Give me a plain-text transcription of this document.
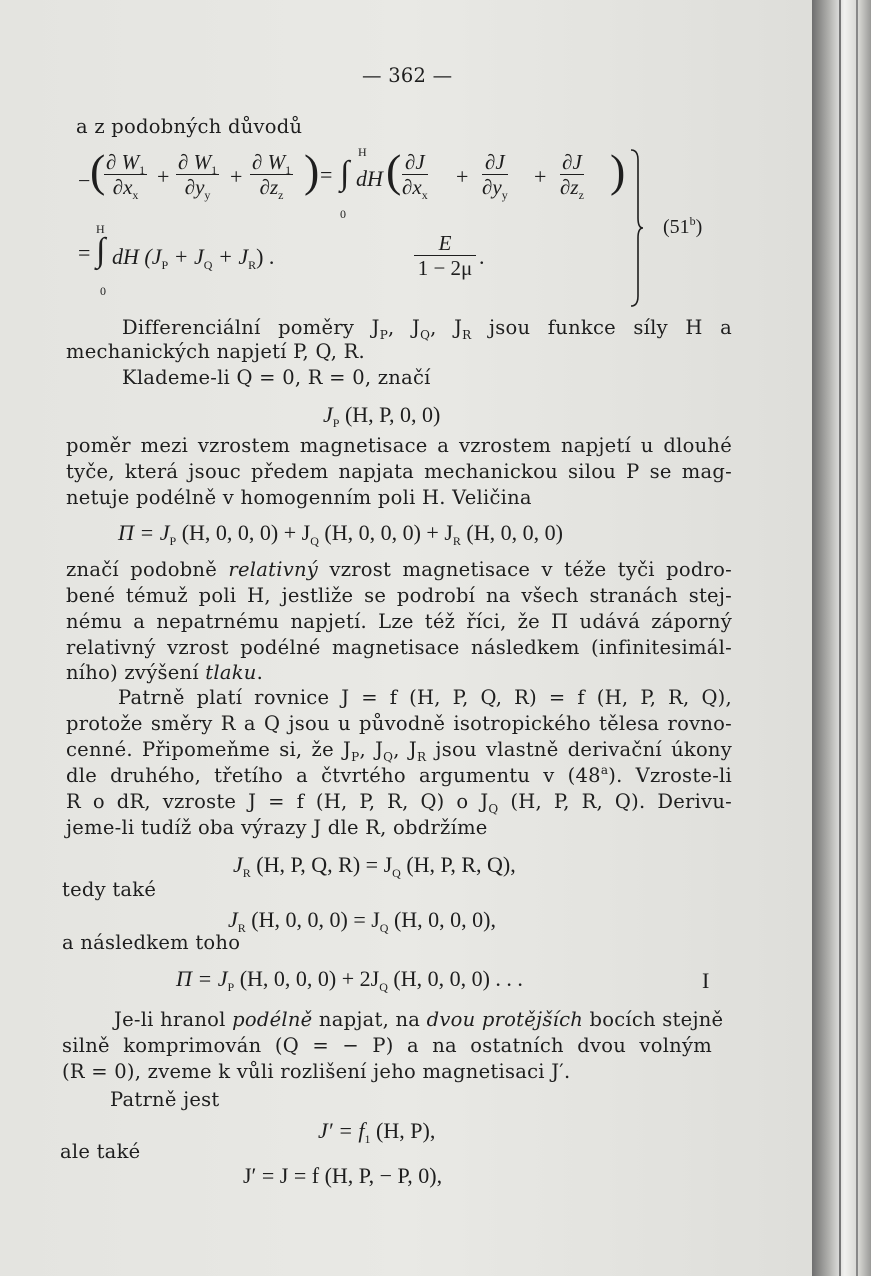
— 362 —
a z podobných důvodů
− (
$\frac{\partial W_1}{\partial x_x} + \frac{\partial W_1}{\partial y_y} + \frac{\partial W_1}{\partial z_z}$ ) =
H
∫
0
dH ( $\frac{\partial J}{\partial x_x} + \frac{\partial J}{\partial y_y} + \frac{\partial J}{\partial z_z}$ )
H
= ∫
0
dH $(J_P + J_Q + J_R)$ .	$\frac{E}{1 - 2\mu}$ .
(51$^b$)
Differenciální poměry $J_P$, $J_Q$, $J_R$ jsou funkce síly H a
mechanických napjetí P, Q, R.
Klademe-li Q = 0, R = 0, značí
$J_P$ (H, P, 0, 0)
poměr mezi vzrostem magnetisace a vzrostem napjetí u dlouhé
tyče, která jsouc předem napjata mechanickou silou P se mag-
netuje podélně v homogenním poli H. Veličina
$\Pi = J_P$ (H, 0, 0, $0) + J_Q$ (H, 0, 0, $0) + J_R$ (H, 0, 0, 0)
značí podobně relativný vzrost magnetisace v téže tyči podro-
bené témuž poli H, jestliže se podrobí na všech stranách stej-
nému a nepatrnému napjetí. Lze též říci, že Π udává záporný
relativný vzrost podélné magnetisace následkem (infinitesimál-
ního) zvýšení tlaku.
Patrně platí rovnice J = f (H, P, Q, R) = f (H, P, R, Q),
protože směry R a Q jsou u původně isotropického tělesa rovno-
cenné. Připomeňme si, že $J_P$, $J_Q$, $J_R$ jsou vlastně derivační úkony
dle druhého, třetího a čtvrtého argumentu v (48$^a$). Vzroste-li
R o dR, vzroste J = f (H, P, R, Q) o $J_Q$ (H, P, R, Q). Derivu-
jeme-li tudíž oba výrazy J dle R, obdržíme
$J_R$ (H, P, Q, $R) = J_Q$ (H, P, R, Q),
tedy také
$J_R$ (H, 0, 0, $0) = J_Q$ (H, 0, 0, 0),
a následkem toho
$\Pi = J_P$ (H, 0, 0, $0) + 2J_Q$ (H, 0, 0, 0) . . .	I
Je-li hranol podélně napjat, na dvou protějších bocích stejně
silně komprimován (Q = − P) a na ostatních dvou volným
(R = 0), zveme k vůli rozlišení jeho magnetisaci J′.
Patrně jest
$J' = f_1$ (H, P),
ale také
J′ = J = f (H, P, − P, 0),
